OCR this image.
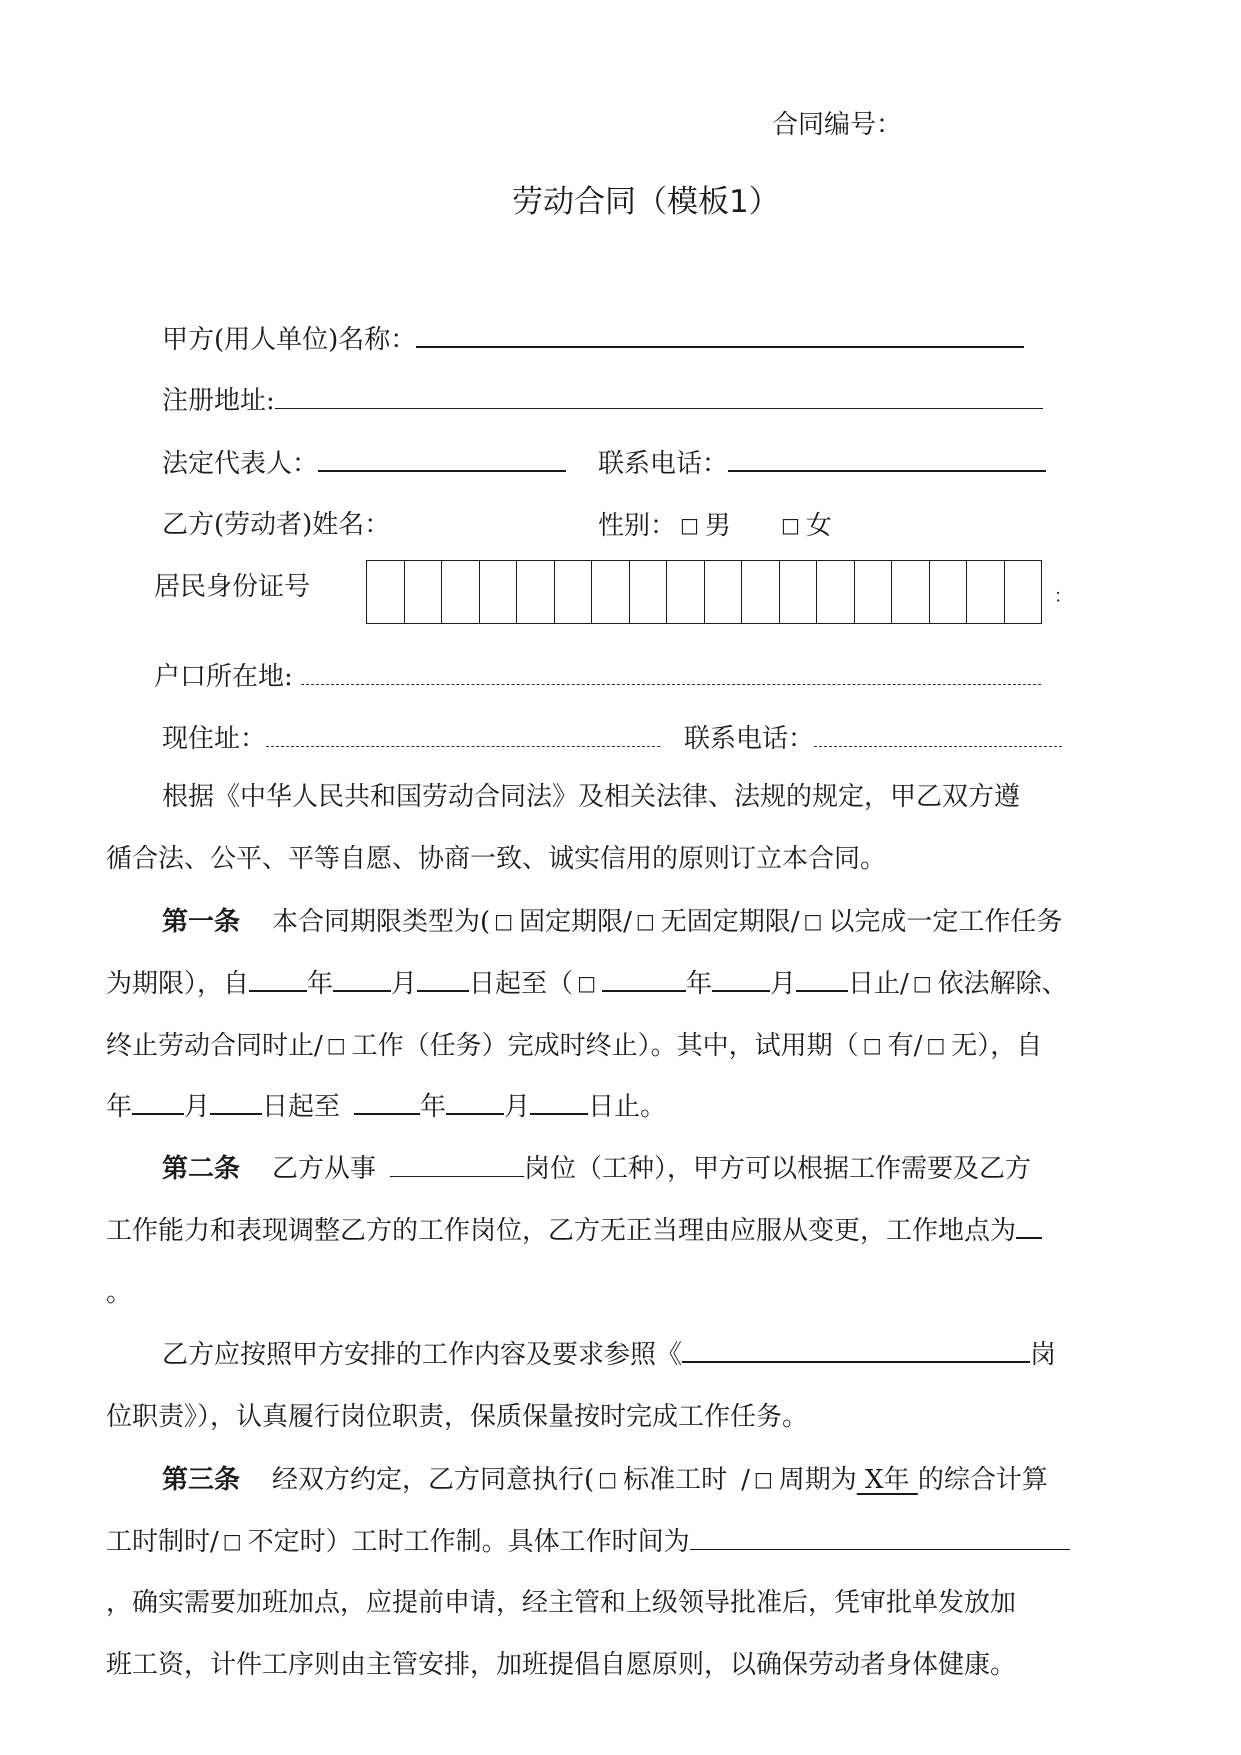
合同编号：
劳动合同（模板1）
甲方(用人单位)名称：
注册地址:
法定代表人：	联系电话：
乙方(劳动者)姓名：	性别： □ 男	□ 女
居民身份证号	：
户口所在地:
现住址：	联系电话：
根据《中华人民共和国劳动合同法》及相关法律、法规的规定，甲乙双方遵
循合法、公平、平等自愿、协商一致、诚实信用的原则订立本合同。
第一条 本合同期限类型为( □ 固定期限/ □ 无固定期限/ □ 以完成一定工作任务
为期限），自 年 月 日起至（ □	年 月 日止/ □ 依法解除、
终止劳动合同时止/ □ 工作（任务）完成时终止）。其中，试用期（ □ 有/ □ 无），自
年 月 日起至	年 月 日止。
第二条 乙方从事	岗位（工种），甲方可以根据工作需要及乙方
工作能力和表现调整乙方的工作岗位，乙方无正当理由应服从变更，工作地点为
。
乙方应按照甲方安排的工作内容及要求参照《	岗
位职责》），认真履行岗位职责，保质保量按时完成工作任务。
第三条 经双方约定，乙方同意执行( □ 标准工时 / □ 周期为 X年 的综合计算
工时制时/ □ 不定时）工时工作制。具体工作时间为
，确实需要加班加点，应提前申请，经主管和上级领导批准后，凭审批单发放加
班工资，计件工序则由主管安排，加班提倡自愿原则，以确保劳动者身体健康。
